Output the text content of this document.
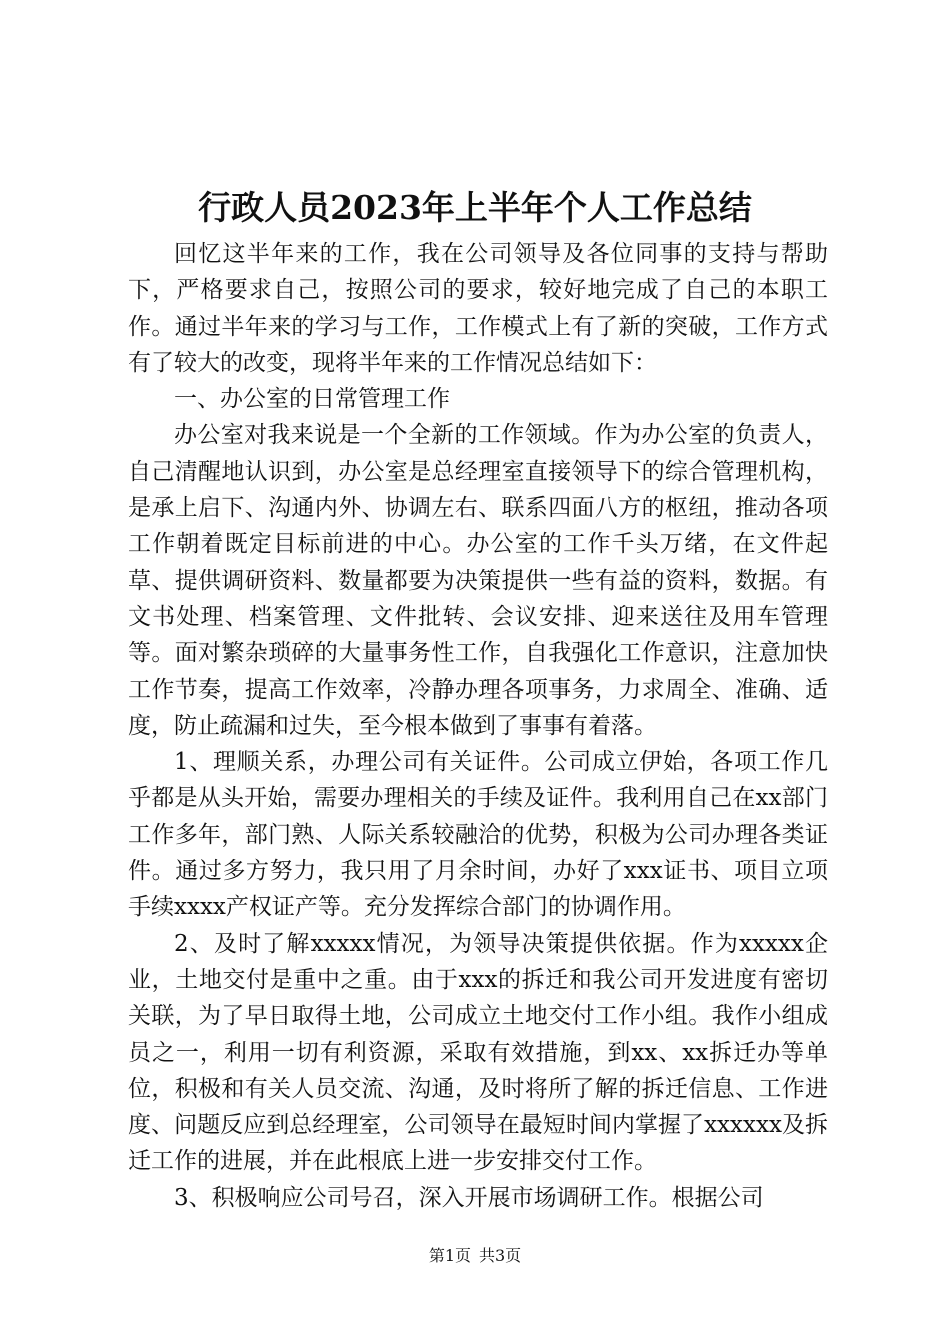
行政人员2023年上半年个人工作总结

回忆这半年来的工作，我在公司领导及各位同事的支持与帮助下，严格要求自己，按照公司的要求，较好地完成了自己的本职工作。通过半年来的学习与工作，工作模式上有了新的突破，工作方式有了较大的改变，现将半年来的工作情况总结如下：

一、办公室的日常管理工作

办公室对我来说是一个全新的工作领域。作为办公室的负责人，自己清醒地认识到，办公室是总经理室直接领导下的综合管理机构，是承上启下、沟通内外、协调左右、联系四面八方的枢纽，推动各项工作朝着既定目标前进的中心。办公室的工作千头万绪，在文件起草、提供调研资料、数量都要为决策提供一些有益的资料，数据。有文书处理、档案管理、文件批转、会议安排、迎来送往及用车管理等。面对繁杂琐碎的大量事务性工作，自我强化工作意识，注意加快工作节奏，提高工作效率，冷静办理各项事务，力求周全、准确、适度，防止疏漏和过失，至今根本做到了事事有着落。

1、理顺关系，办理公司有关证件。公司成立伊始，各项工作几乎都是从头开始，需要办理相关的手续及证件。我利用自己在xx部门工作多年，部门熟、人际关系较融洽的优势，积极为公司办理各类证件。通过多方努力，我只用了月余时间，办好了xxx证书、项目立项手续xxxx产权证产等。充分发挥综合部门的协调作用。

2、及时了解xxxxx情况，为领导决策提供依据。作为xxxxx企业，土地交付是重中之重。由于xxx的拆迁和我公司开发进度有密切关联，为了早日取得土地，公司成立土地交付工作小组。我作小组成员之一，利用一切有利资源，采取有效措施，到xx、xx拆迁办等单位，积极和有关人员交流、沟通，及时将所了解的拆迁信息、工作进度、问题反应到总经理室，公司领导在最短时间内掌握了xxxxxx及拆迁工作的进展，并在此根底上进一步安排交付工作。

3、积极响应公司号召，深入开展市场调研工作。根据公司

第1页 共3页
